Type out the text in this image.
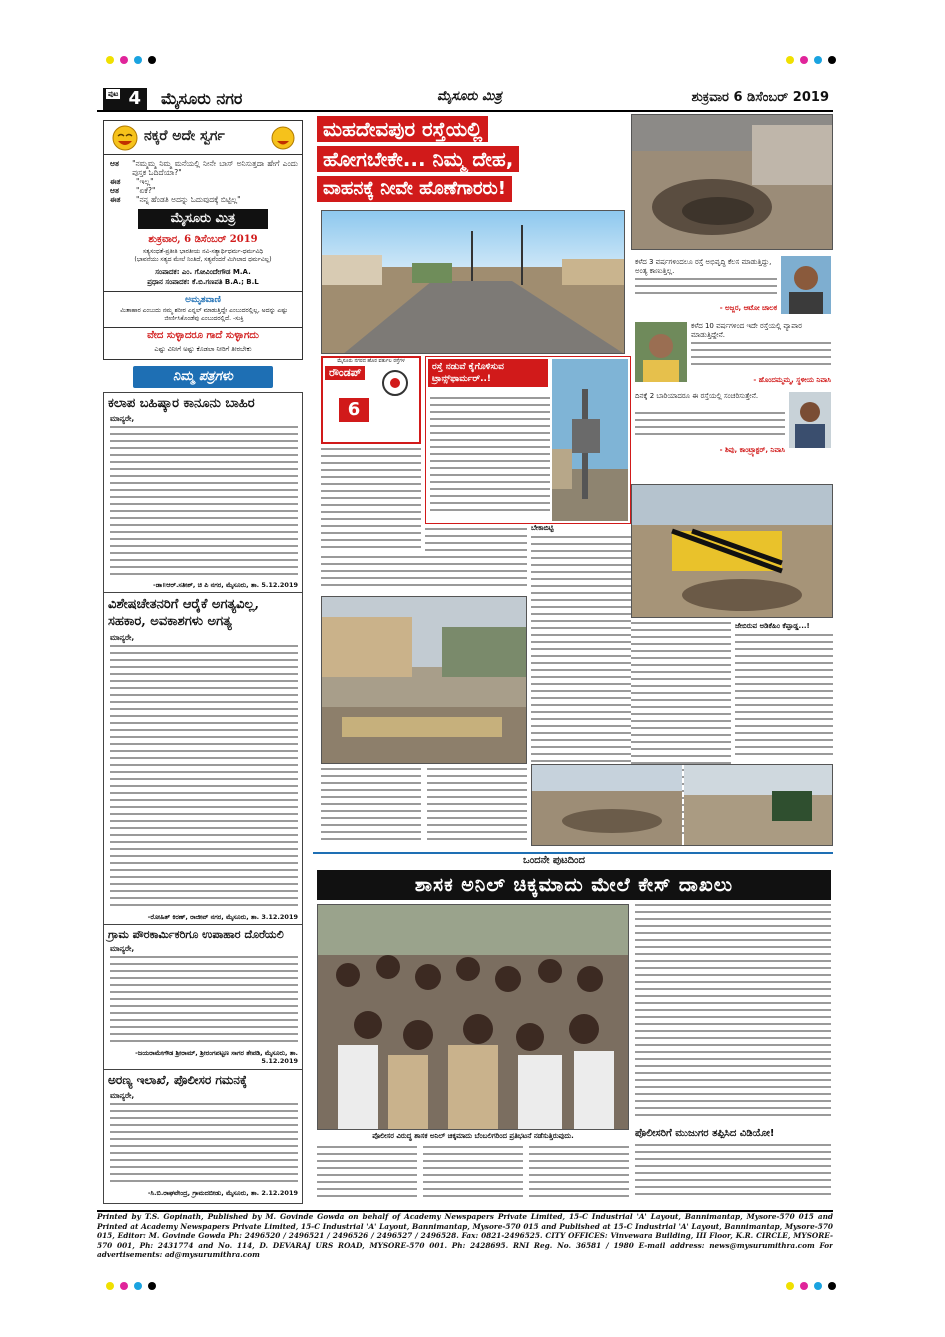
ಪುಟ 4	ಮೈಸೂರು ನಗರ	ಮೈಸೂರು ಮಿತ್ರ	ಶುಕ್ರವಾರ 6 ಡಿಸೆಂಬರ್ 2019
ನಕ್ಕರೆ ಅದೇ ಸ್ವರ್ಗ
ಆತ	"ನಮ್ಮಮ್ಮ ನಿಮ್ಮ ಮನೆಯಲ್ಲಿ ನೀನೇ ಬಾಸ್ ಅನಿಸುತ್ತದಾ ಹೇಗೆ ಎಂದು ಪುಸ್ತಕ ಓದಿದೆಯಾ?"
ಈತ	"ಇಲ್ಲ"
ಆತ	"ಏಕೆ?"
ಈತ	"ನನ್ನ ಹೆಂಡತಿ ಅದನ್ನು ಓದುವುದಕ್ಕೆ ಬಿಟ್ಟಿಲ್ಲ"
ಮೈಸೂರು ಮಿತ್ರ
ಶುಕ್ರವಾರ, 6 ಡಿಸೆಂಬರ್ 2019
ಸತ್ಯಸಂಧತೆ-ಪ್ರತೀತಿ ಭಾರತೀಯ ನವಿ-ಸತ್ಯಾರ್ಥಿಧರ್ಮ-ಧರ್ಮವಿಧಿ
(ಭಾವನೆಯು ಸತ್ಯದ ಮೇಲೆ ನಿಂತಿದೆ, ಸತ್ಯವೆಂದರೆ ಮಿಗಿಲಾದ ಧರ್ಮವಿಲ್ಲ)
ಸಂಪಾದಕ: ಎಂ. ಗೋವಿಂದೇಗೌಡ M.A.
ಪ್ರಧಾನ ಸಂಪಾದಕ: ಕೆ.ಬಿ.ಗಣಪತಿ B.A.; B.L
ಅಮೃತವಾಣಿ
ಮಿತಾಹಾರ ಎಂಬುದು ನಮ್ಮ ಶರೀರ ಎನ್ನಲ್ ಮಾಡುತ್ತಿದ್ದೇ ಎಂಬುದರಲ್ಲಿಲ್ಲ, ಅದನ್ನು ಎಷ್ಟು ಜೀರ್ಣಿಸಿಕೊಂಡೆವು ಎಂಬುದರಲ್ಲಿದೆ. -ಸುಕ್ತಿ
ವೇದ ಸುಳ್ಳಾದರೂ ಗಾದೆ ಸುಳ್ಳಾಗದು
ಎಷ್ಟು ವಿನೀಗೆ ಅಷ್ಟು ಕೊಡಲಾ ನೀರಿಗೆ ತೀರಬೇಕು
ನಿಮ್ಮ ಪತ್ರಗಳು
ಕಲಾಪ ಬಹಿಷ್ಕಾರ ಕಾನೂನು ಬಾಹಿರ
ಮಾನ್ಯರೇ,
-ಡಾ॥ಆರ್.ಸತೀಶ್, ಚಿ ಪಿ ನಗರ, ಮೈಸೂರು, ತಾ. 5.12.2019
ವಿಶೇಷಚೇತನರಿಗೆ ಆರೈಕೆ ಅಗತ್ಯವಿಲ್ಲ, ಸಹಕಾರ, ಅವಕಾಶಗಳು ಅಗತ್ಯ
ಮಾನ್ಯರೇ,
-ರೋಹಿತ್ ಕಿರಣ್, ರಾಜೀವ್ ನಗರ, ಮೈಸೂರು, ತಾ. 3.12.2019
ಗ್ರಾಮ ಪೌರಕಾರ್ಮಿಕರಿಗೂ ಉಪಾಹಾರ ದೊರೆಯಲಿ
ಮಾನ್ಯರೇ,
-ಜಯರಾಮೇಗೌಡ ಶ್ರೀರಾಮ್, ಶ್ರೀರಂಗಪಟ್ಟಣ ಸಾಗರ ತೇಪಡಿ, ಮೈಸೂರು, ತಾ. 5.12.2019
ಅರಣ್ಯ ಇಲಾಖೆ, ಪೊಲೀಸರ ಗಮನಕ್ಕೆ
ಮಾನ್ಯರೇ,
-ಸಿ.ಬಿ.ರಾಘವೇಂದ್ರ, ಗ್ರಾಮದಬೀಡು, ಮೈಸೂರು, ತಾ. 2.12.2019
ಮಹದೇವಪುರ ರಸ್ತೆಯಲ್ಲಿ
ಹೋಗಬೇಕೇ... ನಿಮ್ಮ ದೇಹ,
ವಾಹನಕ್ಕೆ ನೀವೇ ಹೊಣೆಗಾರರು!
ಕಳೆದ 3 ವರ್ಷಗಳಿಂದಲೂ ರಸ್ತೆ ಅಭಿವೃದ್ಧಿ ಕೆಲಸ ಮಾಡುತ್ತಿದ್ದು, ಅಂತ್ಯ ಕಾಣುತ್ತಿಲ್ಲ.
- ಅಜ್ಜರ, ಆಟೋ ಚಾಲಕ
ಕಳೆದ 10 ವರ್ಷಗಳಿಂದ ಇದೇ ರಸ್ತೆಯಲ್ಲಿ ವ್ಯಾಪಾರ ಮಾಡುತ್ತಿದ್ದೇನೆ.
- ಹೊಂದಮ್ಮಮ್ಮ, ಸ್ಥಳೀಯ ನಿವಾಸಿ
ದಿನಕ್ಕೆ 2 ಬಾರಿಯಾದರೂ ಈ ರಸ್ತೆಯಲ್ಲಿ ಸಂಚರಿಸುತ್ತೇನೆ.
- ಶಿವು, ಕಾಂಟ್ರ್ಯಾಕ್ಟರ್, ನಿವಾಸಿ
ಮೈಸೂರು ನಗರದ ಹೊರ ವರ್ತುಲ ರಸ್ತೆಗಳ
ರೌಂಡಪ್
6
ರಸ್ತೆ ನಡುವೆ ಕೈಗೊಳಿಸುವ ಟ್ರಾನ್ಸ್‌ಫಾರ್ಮರ್..!
ಬೇಕಾಬಿಟ್ಟಿ
ಜೇಬಿರುವ ಅಡಿಕೆಹಿಂ ಕೆಪ್ಪಾಡ್ಡ...!
ಒಂದನೇ ಪುಟದಿಂದ
ಶಾಸಕ ಅನಿಲ್ ಚಿಕ್ಕಮಾದು ಮೇಲೆ ಕೇಸ್ ದಾಖಲು
ಪೊಲೀಸರ ವಿರುದ್ಧ ಶಾಸಕ ಅನಿಲ್ ಚಿಕ್ಕಮಾದು ಬೆಂಬಲಿಗರಿಂದ ಪ್ರತಿಭಟನೆ ನಡೆಸುತ್ತಿರುವುದು.	ಪೊಲೀಸರಿಗೆ ಮುಜುಗರ ತಪ್ಪಿಸಿದ ವಿಡಿಯೋ!
Printed by T.S. Gopinath, Published by M. Govinde Gowda on behalf of Academy Newspapers Private Limited, 15-C Industrial 'A' Layout, Bannimantap, Mysore-570 015 and Printed at Academy Newspapers Private Limited, 15-C Industrial 'A' Layout, Bannimantap, Mysore-570 015 and Published at 15-C Industrial 'A' Layout, Bannimantap, Mysore-570 015, Editor: M. Govinde Gowda Ph: 2496520 / 2496521 / 2496526 / 2496527 / 2496528. Fax: 0821-2496525. CITY OFFICES: Vinvewara Building, III Floor, K.R. CIRCLE, MYSORE-570 001, Ph: 2431774 and No. 114, D. DEVARAJ URS ROAD, MYSORE-570 001. Ph: 2428695. RNI Reg. No. 36581 / 1980 E-mail address: news@mysurumithra.com For advertisements: ad@mysurumithra.com
